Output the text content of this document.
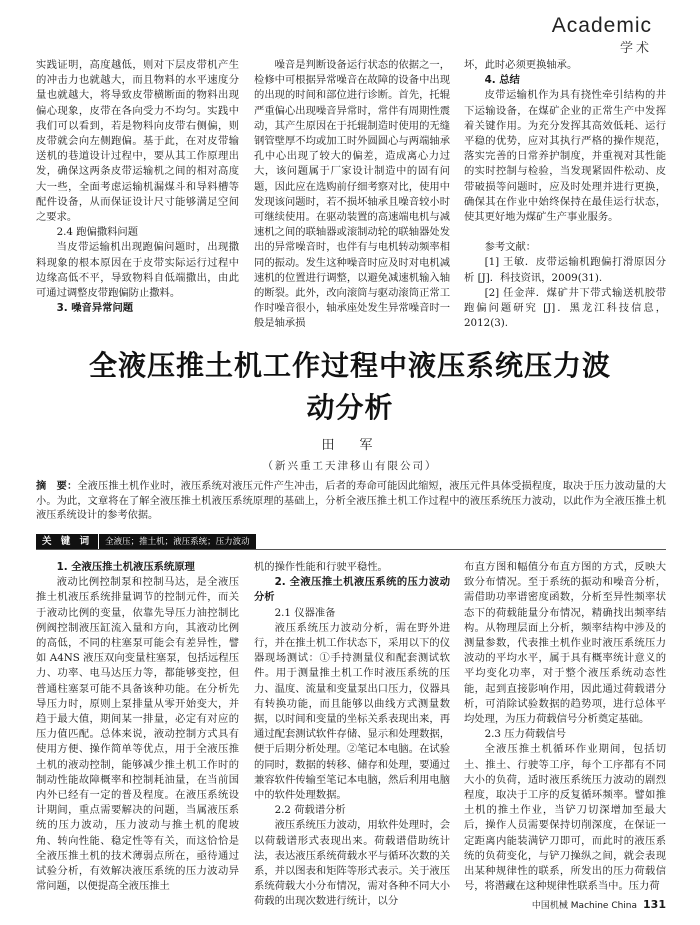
Academic
学术

实践证明，高度越低，则对下层皮带机产生的冲击力也就越大，而且物料的水平速度分量也就越大，将导致皮带横断面的物料出现偏心现象，皮带在各向受力不均匀。实践中我们可以看到，若是物料向皮带右侧偏，则皮带就会向左侧跑偏。基于此，在对皮带输送机的巷道设计过程中，要从其工作原理出发，确保这两条皮带运输机之间的相对高度大一些，全面考虑运输机漏煤斗和导料槽等配件设备，从而保证设计尺寸能够满足空间之要求。

2.4 跑偏撒料问题

当皮带运输机出现跑偏问题时，出现撒料现象的根本原因在于皮带实际运行过程中边缘高低不平，导致物料自低端撒出，由此可通过调整皮带跑偏防止撒料。

3. 噪音异常问题

噪音是判断设备运行状态的依据之一，检修中可根据异常噪音在故障的设备中出现的出现的时间和部位进行诊断。首先，托辊严重偏心出现噪音异常时，常伴有周期性震动，其产生原因在于托辊制造时使用的无缝钢管壁厚不均或加工时外圆圆心与两端轴承孔中心出现了较大的偏差，造成离心力过大，该问题属于厂家设计制造中的固有问题，因此应在选购前仔细考察对比，使用中发现该问题时，若不损坏轴承且噪音较小时可继续使用。在驱动装置的高速端电机与减速机之间的联轴器或滚制动轮的联轴器处发出的异常噪音时，也伴有与电机转动频率相同的振动。发生这种噪音时应及时对电机减速机的位置进行调整，以避免减速机输入轴的断裂。此外，改向滚筒与驱动滚筒正常工作时噪音很小，轴承座处发生异常噪音时一般是轴承损

坏，此时必须更换轴承。

4. 总结

皮带运输机作为具有挠性牵引结构的井下运输设备，在煤矿企业的正常生产中发挥着关键作用。为充分发挥其高效低耗、运行平稳的优势，应对其执行严格的操作规范，落实完善的日常养护制度，并重视对其性能的实时控制与检验，当发现紧固件松动、皮带破损等问题时，应及时处理并进行更换，确保其在作业中始终保持在最佳运行状态，使其更好地为煤矿生产事业服务。

参考文献：

[1] 王敏．皮带运输机跑偏打滑原因分析 [J]．科技资讯，2009(31).

[2] 任金萍．煤矿井下带式输送机胶带跑偏问题研究 [J]．黑龙江科技信息，2012(3).

全液压推土机工作过程中液压系统压力波
动分析
田　军
（新兴重工天津移山有限公司）
摘　要：全液压推土机作业时，液压系统对液压元件产生冲击，后者的寿命可能因此缩短，液压元件具体受损程度，取决于压力波动量的大小。为此，文章将在了解全液压推土机液压系统原理的基础上，分析全液压推土机工作过程中的液压系统压力波动，以此作为全液压推土机液压系统设计的参考依据。
关 键 词	全液压；推土机；液压系统；压力波动
1. 全液压推土机液压系统原理

液动比例控制泵和控制马达，是全液压推土机液压系统排量调节的控制元件，而关于液动比例的变量，依靠先导压力油控制比例阀控制液压缸流入量和方向，其液动比例的高低，不同的柱塞泵可能会有差异性，譬如 A4NS 液压双向变量柱塞泵，包括远程压力、功率、电马达压力等，都能够变控，但普通柱塞泵可能不具备该种功能。在分析先导压力时，原则上泵排量从零开始变大，并趋于最大值，期间某一排量，必定有对应的压力值匹配。总体来说，液动控制方式具有使用方便、操作简单等优点，用于全液压推土机的液动控制，能够减少推土机工作时的制动性能故障概率和控制耗油量，在当前国内外已经有一定的普及程度。在液压系统设计期间，重点需要解决的问题，当属液压系统的压力波动，压力波动与推土机的爬坡角、转向性能、稳定性等有关，而这恰恰是全液压推土机的技术薄弱点所在，亟待通过试验分析，有效解决液压系统的压力波动异常问题，以便提高全液压推土

机的操作性能和行驶平稳性。

2. 全液压推土机液压系统的压力波动分析

2.1 仪器准备

液压系统压力波动分析，需在野外进行，并在推土机工作状态下，采用以下的仪器现场测试：①手持测量仪和配套测试软件。用于测量推土机工作时液压系统的压力、温度、流量和变量泵出口压力，仪器具有转换功能，而且能够以曲线方式测量数据，以时间和变量的坐标关系表现出来，再通过配套测试软件存储、显示和处理数据，便于后期分析处理。②笔记本电脑。在试验的同时，数据的转移、储存和处理，要通过兼容软件传输至笔记本电脑，然后利用电脑中的软件处理数据。

2.2 荷载谱分析

液压系统压力波动，用软件处理时，会以荷载谱形式表现出来。荷载谱借助统计法，表达液压系统荷载水平与循环次数的关系，并以图表和矩阵等形式表示。关于液压系统荷载大小分布情况，需对各种不同大小荷载的出现次数进行统计，以分

布直方图和幅值分布直方图的方式，反映大致分布情况。至于系统的振动和噪音分析，需借助功率谱密度函数，分析至异性频率状态下的荷载能量分布情况，精确找出频率结构。从物理层面上分析，频率结构中涉及的测量参数，代表推土机作业时液压系统压力波动的平均水平，属于具有概率统计意义的平均变化功率，对于整个液压系统动态性能，起到直接影响作用，因此通过荷载谱分析，可消除试验数据的趋势项，进行总体平均处理，为压力荷载信号分析奠定基础。

2.3 压力荷载信号

全液压推土机循环作业期间，包括切土、推土、行驶等工序，每个工序都有不同大小的负荷，适时液压系统压力波动的剧烈程度，取决于工序的反复循环频率。譬如推土机的推土作业，当铲刀切深增加至最大后，操作人员需要保持切削深度，在保证一定距离内能装满铲刀即可，而此时的液压系统的负荷变化，与铲刀操纵之间，就会表现出某种规律性的联系，所发出的压力荷载信号，将潜藏在这种规律性联系当中。压力荷

中国机械 Machine China 131
